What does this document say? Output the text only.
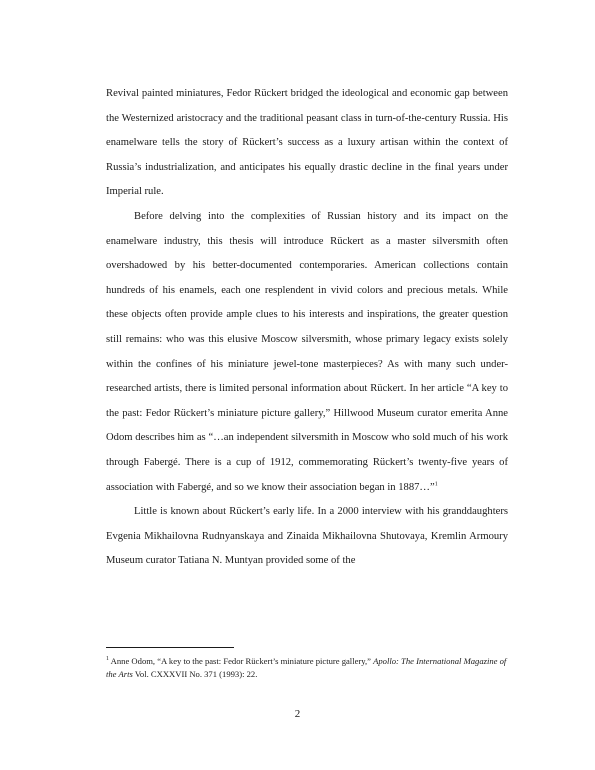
Revival painted miniatures, Fedor Rückert bridged the ideological and economic gap between the Westernized aristocracy and the traditional peasant class in turn-of-the-century Russia. His enamelware tells the story of Rückert’s success as a luxury artisan within the context of Russia’s industrialization, and anticipates his equally drastic decline in the final years under Imperial rule.

Before delving into the complexities of Russian history and its impact on the enamelware industry, this thesis will introduce Rückert as a master silversmith often overshadowed by his better-documented contemporaries. American collections contain hundreds of his enamels, each one resplendent in vivid colors and precious metals. While these objects often provide ample clues to his interests and inspirations, the greater question still remains: who was this elusive Moscow silversmith, whose primary legacy exists solely within the confines of his miniature jewel-tone masterpieces? As with many such under-researched artists, there is limited personal information about Rückert. In her article “A key to the past: Fedor Rückert’s miniature picture gallery,” Hillwood Museum curator emerita Anne Odom describes him as “…an independent silversmith in Moscow who sold much of his work through Fabergé. There is a cup of 1912, commemorating Rückert’s twenty-five years of association with Fabergé, and so we know their association began in 1887…”$^1$

Little is known about Rückert’s early life. In a 2000 interview with his granddaughters Evgenia Mikhailovna Rudnyanskaya and Zinaida Mikhailovna Shutovaya, Kremlin Armoury Museum curator Tatiana N. Muntyan provided some of the

$^1$ Anne Odom, “A key to the past: Fedor Rückert’s miniature picture gallery,” Apollo: The International Magazine of the Arts Vol. CXXXVII No. 371 (1993): 22.

2
